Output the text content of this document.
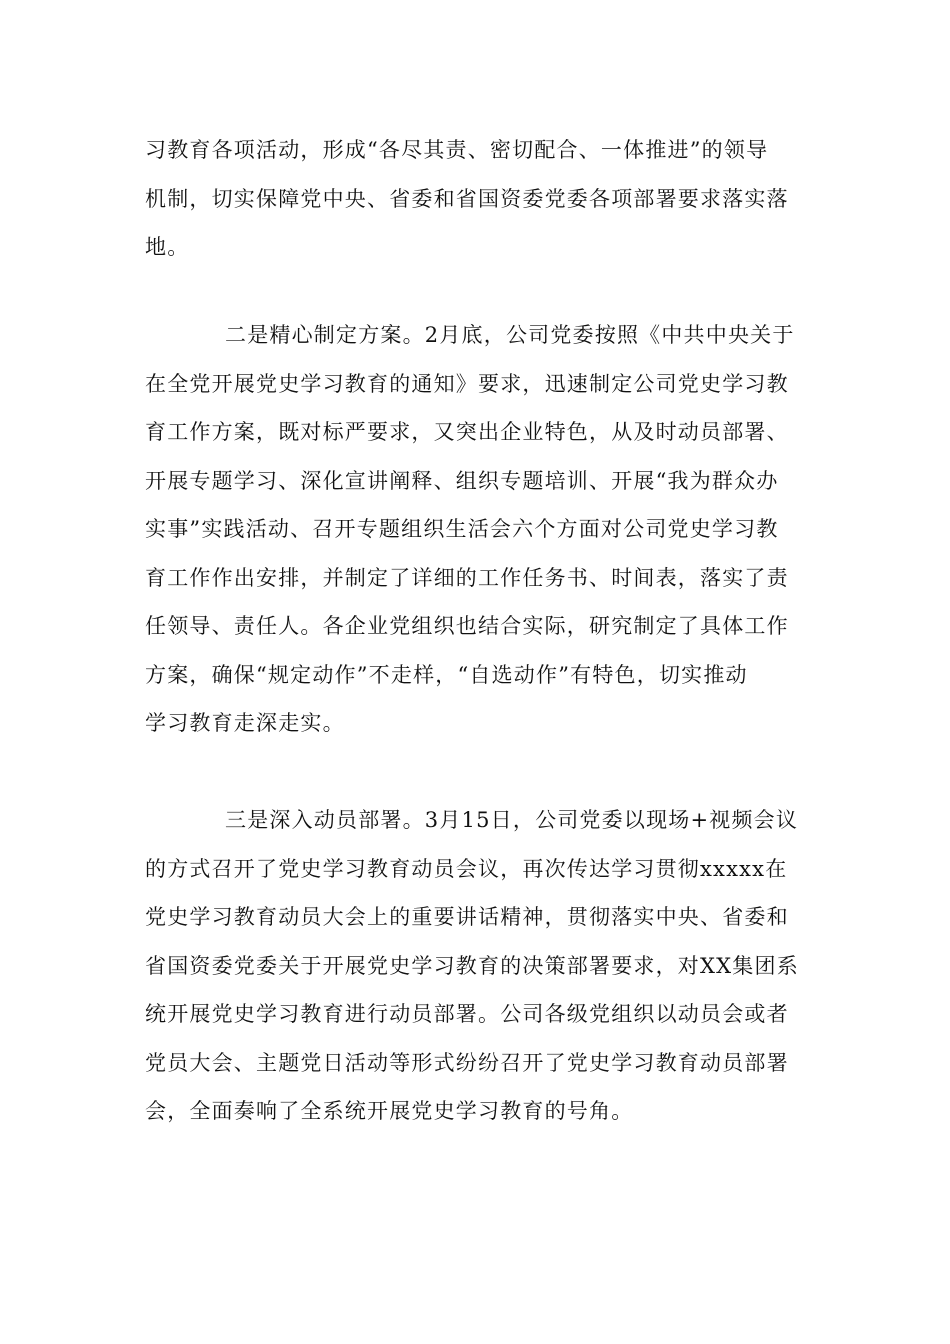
习教育各项活动，形成“各尽其责、密切配合、一体推进”的领导
机制，切实保障党中央、省委和省国资委党委各项部署要求落实落
地。
二是精心制定方案。2月底，公司党委按照《中共中央关于
在全党开展党史学习教育的通知》要求，迅速制定公司党史学习教
育工作方案，既对标严要求，又突出企业特色，从及时动员部署、
开展专题学习、深化宣讲阐释、组织专题培训、开展“我为群众办
实事”实践活动、召开专题组织生活会六个方面对公司党史学习教
育工作作出安排，并制定了详细的工作任务书、时间表，落实了责
任领导、责任人。各企业党组织也结合实际，研究制定了具体工作
方案，确保“规定动作”不走样，“自选动作”有特色，切实推动
学习教育走深走实。
三是深入动员部署。3月15日，公司党委以现场+视频会议
的方式召开了党史学习教育动员会议，再次传达学习贯彻xxxxx在
党史学习教育动员大会上的重要讲话精神，贯彻落实中央、省委和
省国资委党委关于开展党史学习教育的决策部署要求，对XX集团系
统开展党史学习教育进行动员部署。公司各级党组织以动员会或者
党员大会、主题党日活动等形式纷纷召开了党史学习教育动员部署
会，全面奏响了全系统开展党史学习教育的号角。
